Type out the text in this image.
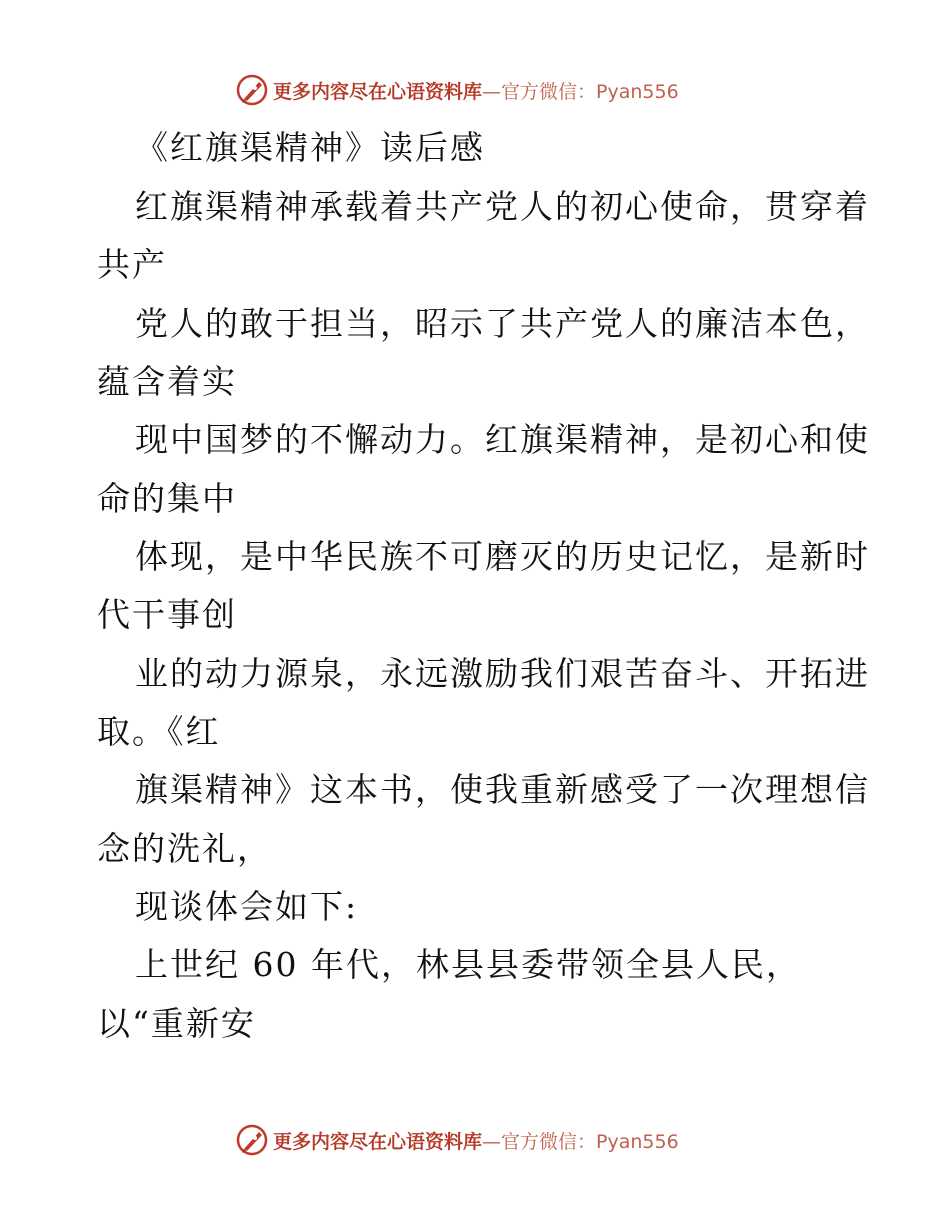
更多内容尽在心语资料库—官方微信：Pyan556
《红旗渠精神》读后感
红旗渠精神承载着共产党人的初心使命，贯穿着
共产
党人的敢于担当，昭示了共产党人的廉洁本色，
蕴含着实
现中国梦的不懈动力。红旗渠精神，是初心和使
命的集中
体现，是中华民族不可磨灭的历史记忆，是新时
代干事创
业的动力源泉，永远激励我们艰苦奋斗、开拓进
取。《红
旗渠精神》这本书，使我重新感受了一次理想信
念的洗礼，
现谈体会如下:
上世纪 60 年代，林县县委带领全县人民，
以“重新安
更多内容尽在心语资料库—官方微信：Pyan556
